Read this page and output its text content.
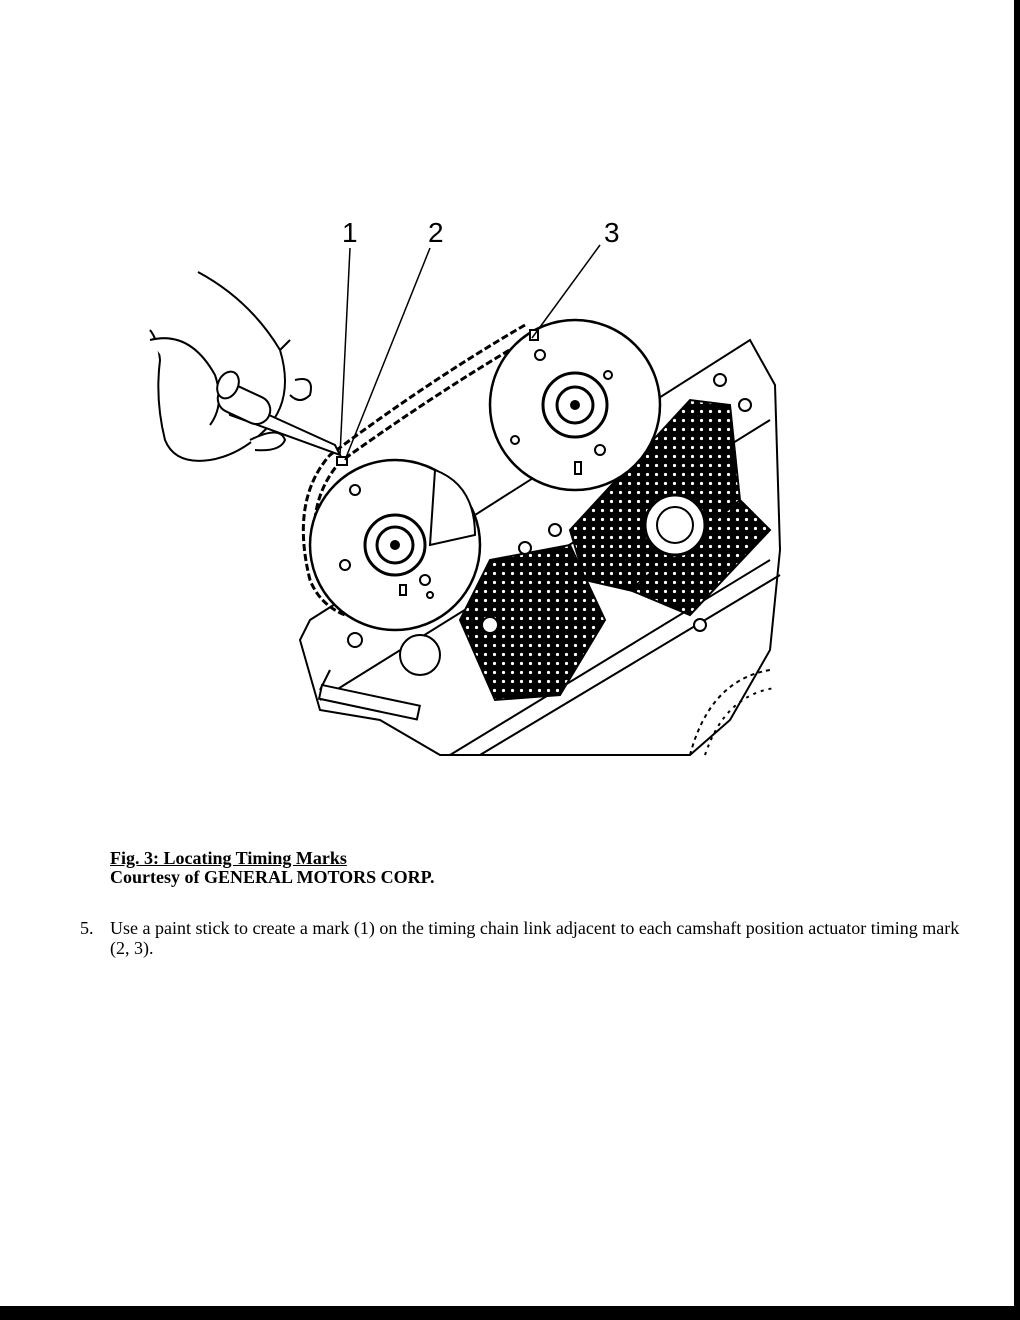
1	2	3
Fig. 3: Locating Timing Marks
Courtesy of GENERAL MOTORS CORP.
5. Use a paint stick to create a mark (1) on the timing chain link adjacent to each camshaft position actuator timing mark (2, 3).
